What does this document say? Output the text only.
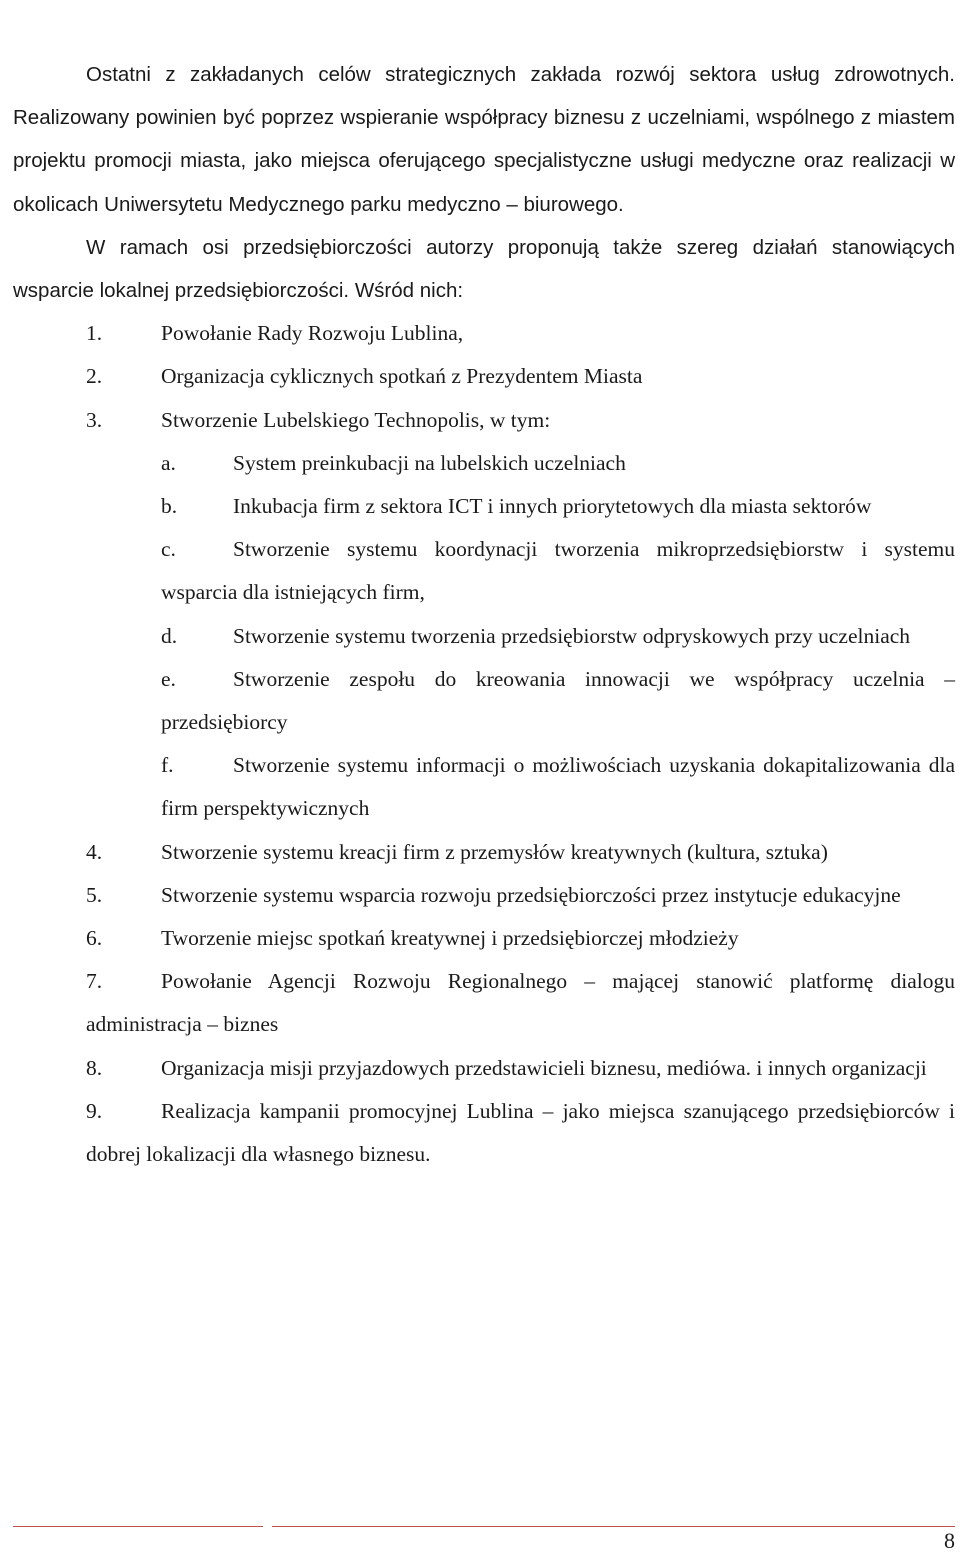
Ostatni z zakładanych celów strategicznych zakłada rozwój sektora usług zdrowotnych. Realizowany powinien być poprzez wspieranie współpracy biznesu z uczelniami, wspólnego z miastem projektu promocji miasta, jako miejsca oferującego specjalistyczne usługi medyczne oraz realizacji w okolicach Uniwersytetu Medycznego parku medyczno – biurowego.

W ramach osi przedsiębiorczości autorzy proponują także szereg działań stanowiących wsparcie lokalnej przedsiębiorczości. Wśród nich:

1.	Powołanie Rady Rozwoju Lublina,

2.	Organizacja cyklicznych spotkań z Prezydentem Miasta

3.	Stworzenie Lubelskiego Technopolis, w tym:

a.	System preinkubacji na lubelskich uczelniach

b.	Inkubacja firm z sektora ICT i innych priorytetowych dla miasta sektorów

c.	Stworzenie systemu koordynacji tworzenia mikroprzedsiębiorstw i systemu wsparcia dla istniejących firm,

d.	Stworzenie systemu tworzenia przedsiębiorstw odpryskowych przy uczelniach

e.	Stworzenie zespołu do kreowania innowacji we współpracy uczelnia – przedsiębiorcy

f.	Stworzenie systemu informacji o możliwościach uzyskania dokapitalizowania dla firm perspektywicznych

4.	Stworzenie systemu kreacji firm z przemysłów kreatywnych (kultura, sztuka)

5.	Stworzenie systemu wsparcia rozwoju przedsiębiorczości przez instytucje edukacyjne

6.	Tworzenie miejsc spotkań kreatywnej i przedsiębiorczej młodzieży

7.	Powołanie Agencji Rozwoju Regionalnego – mającej stanowić platformę dialogu administracja – biznes

8.	Organizacja misji przyjazdowych przedstawicieli biznesu, mediówa. i innych organizacji

9.	Realizacja kampanii promocyjnej Lublina – jako miejsca szanującego przedsiębiorców i dobrej lokalizacji dla własnego biznesu.

8
